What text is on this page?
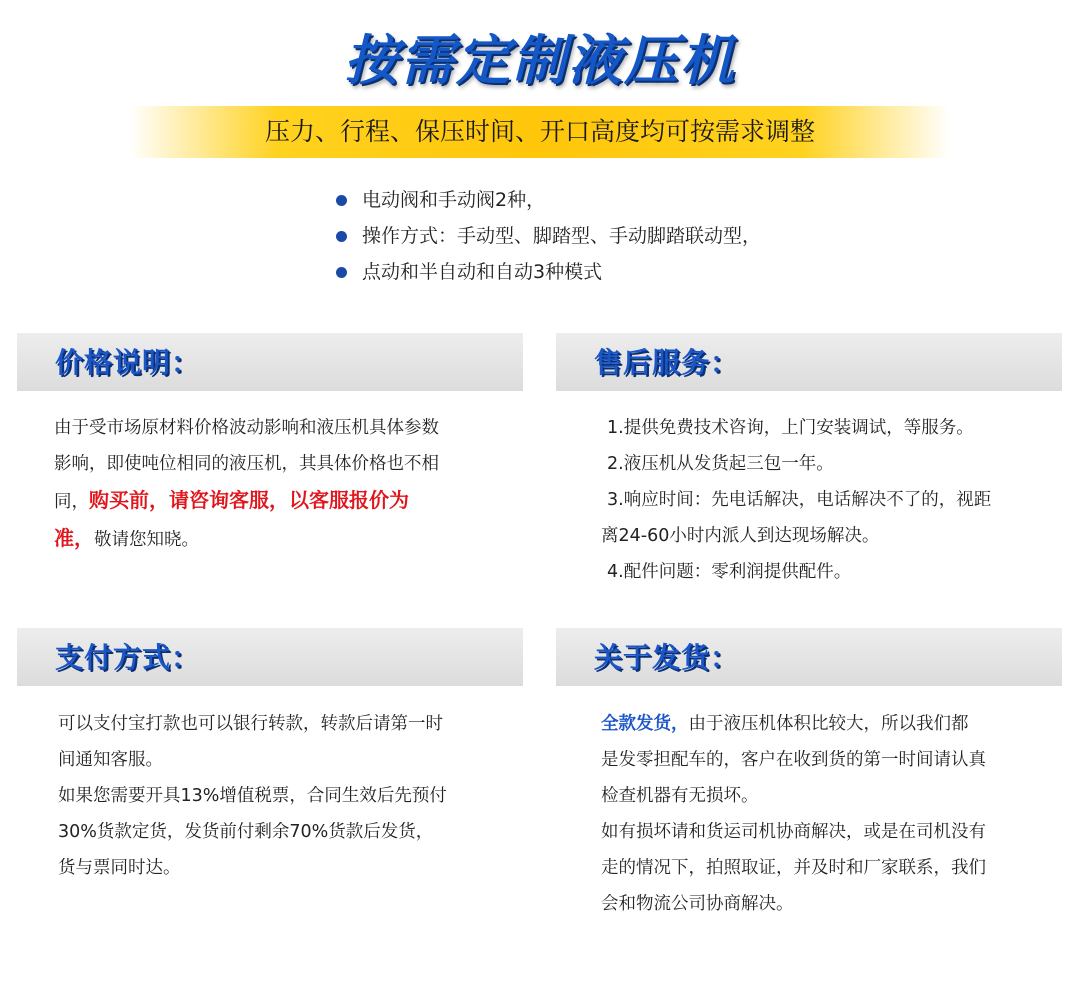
按需定制液压机
压力、行程、保压时间、开口高度均可按需求调整
电动阀和手动阀2种，
操作方式：手动型、脚踏型、手动脚踏联动型，
点动和半自动和自动3种模式
价格说明：
由于受市场原材料价格波动影响和液压机具体参数
影响，即使吨位相同的液压机，其具体价格也不相
同，购买前，请咨询客服，以客服报价为
准，敬请您知晓。
售后服务：
1.提供免费技术咨询，上门安装调试，等服务。
2.液压机从发货起三包一年。
3.响应时间：先电话解决，电话解决不了的，视距
离24-60小时内派人到达现场解决。
4.配件问题：零利润提供配件。
支付方式：
可以支付宝打款也可以银行转款，转款后请第一时
间通知客服。
如果您需要开具13%增值税票，合同生效后先预付
30%货款定货，发货前付剩余70%货款后发货，
货与票同时达。
关于发货：
全款发货，由于液压机体积比较大，所以我们都
是发零担配车的，客户在收到货的第一时间请认真
检查机器有无损坏。
如有损坏请和货运司机协商解决，或是在司机没有
走的情况下，拍照取证，并及时和厂家联系，我们
会和物流公司协商解决。
